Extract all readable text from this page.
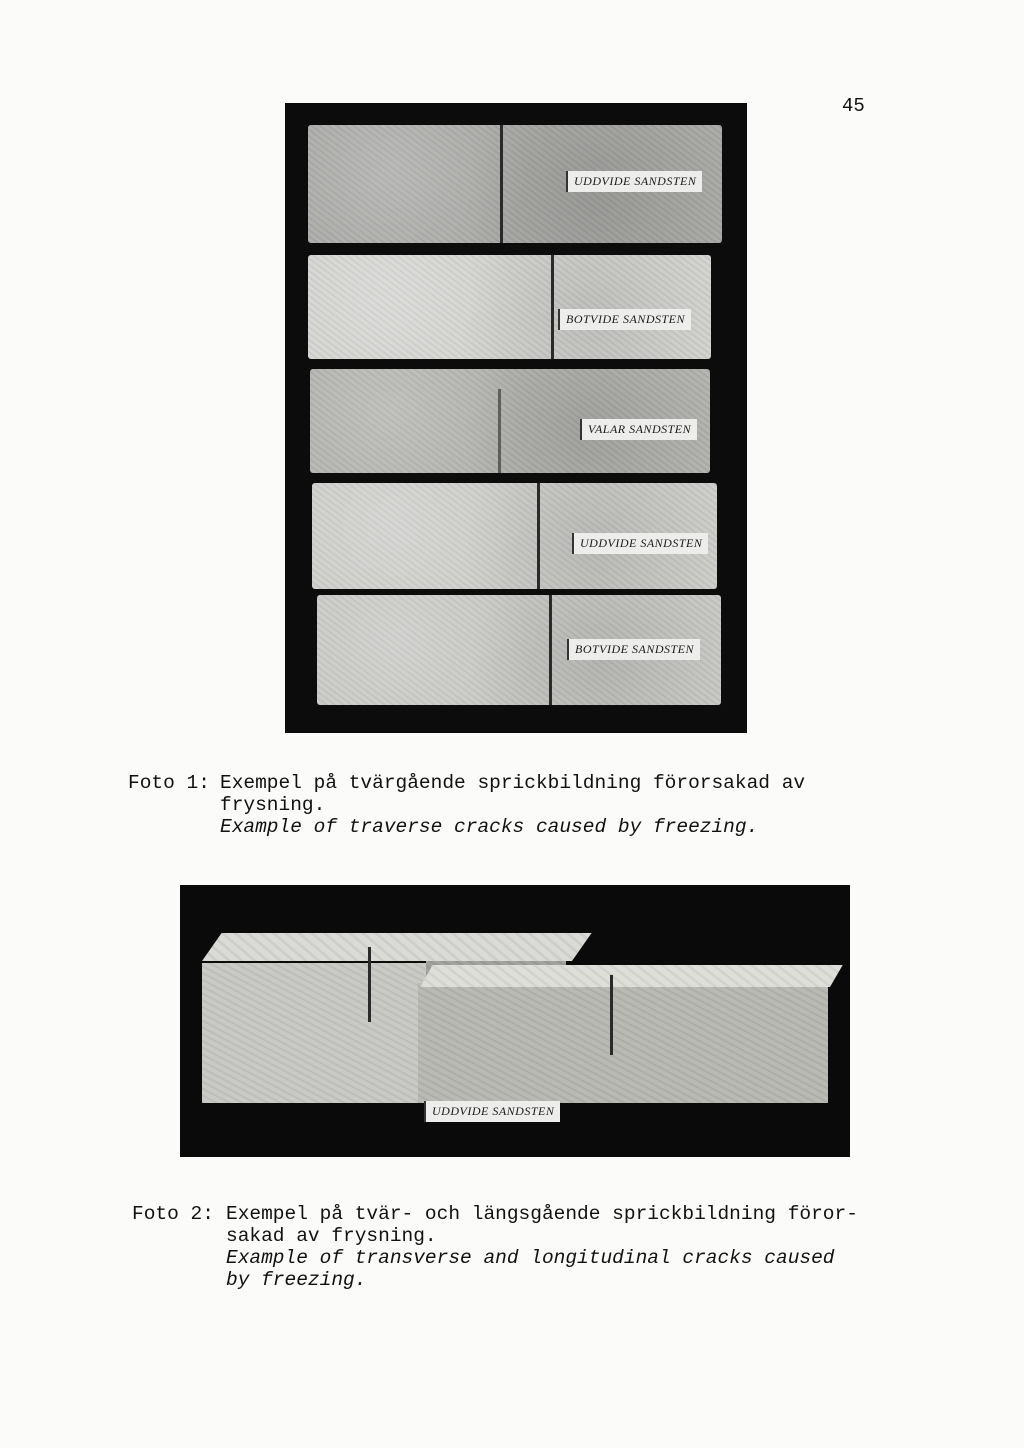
45
UDDVIDE SANDSTEN
BOTVIDE SANDSTEN
VALAR SANDSTEN
UDDVIDE SANDSTEN
BOTVIDE SANDSTEN
Foto 1: Exempel på tvärgående sprickbildning förorsakad av
frysning.
Example of traverse cracks caused by freezing.
UDDVIDE SANDSTEN
Foto 2: Exempel på tvär- och längsgående sprickbildning föror-
sakad av frysning.
Example of transverse and longitudinal cracks caused
by freezing.
